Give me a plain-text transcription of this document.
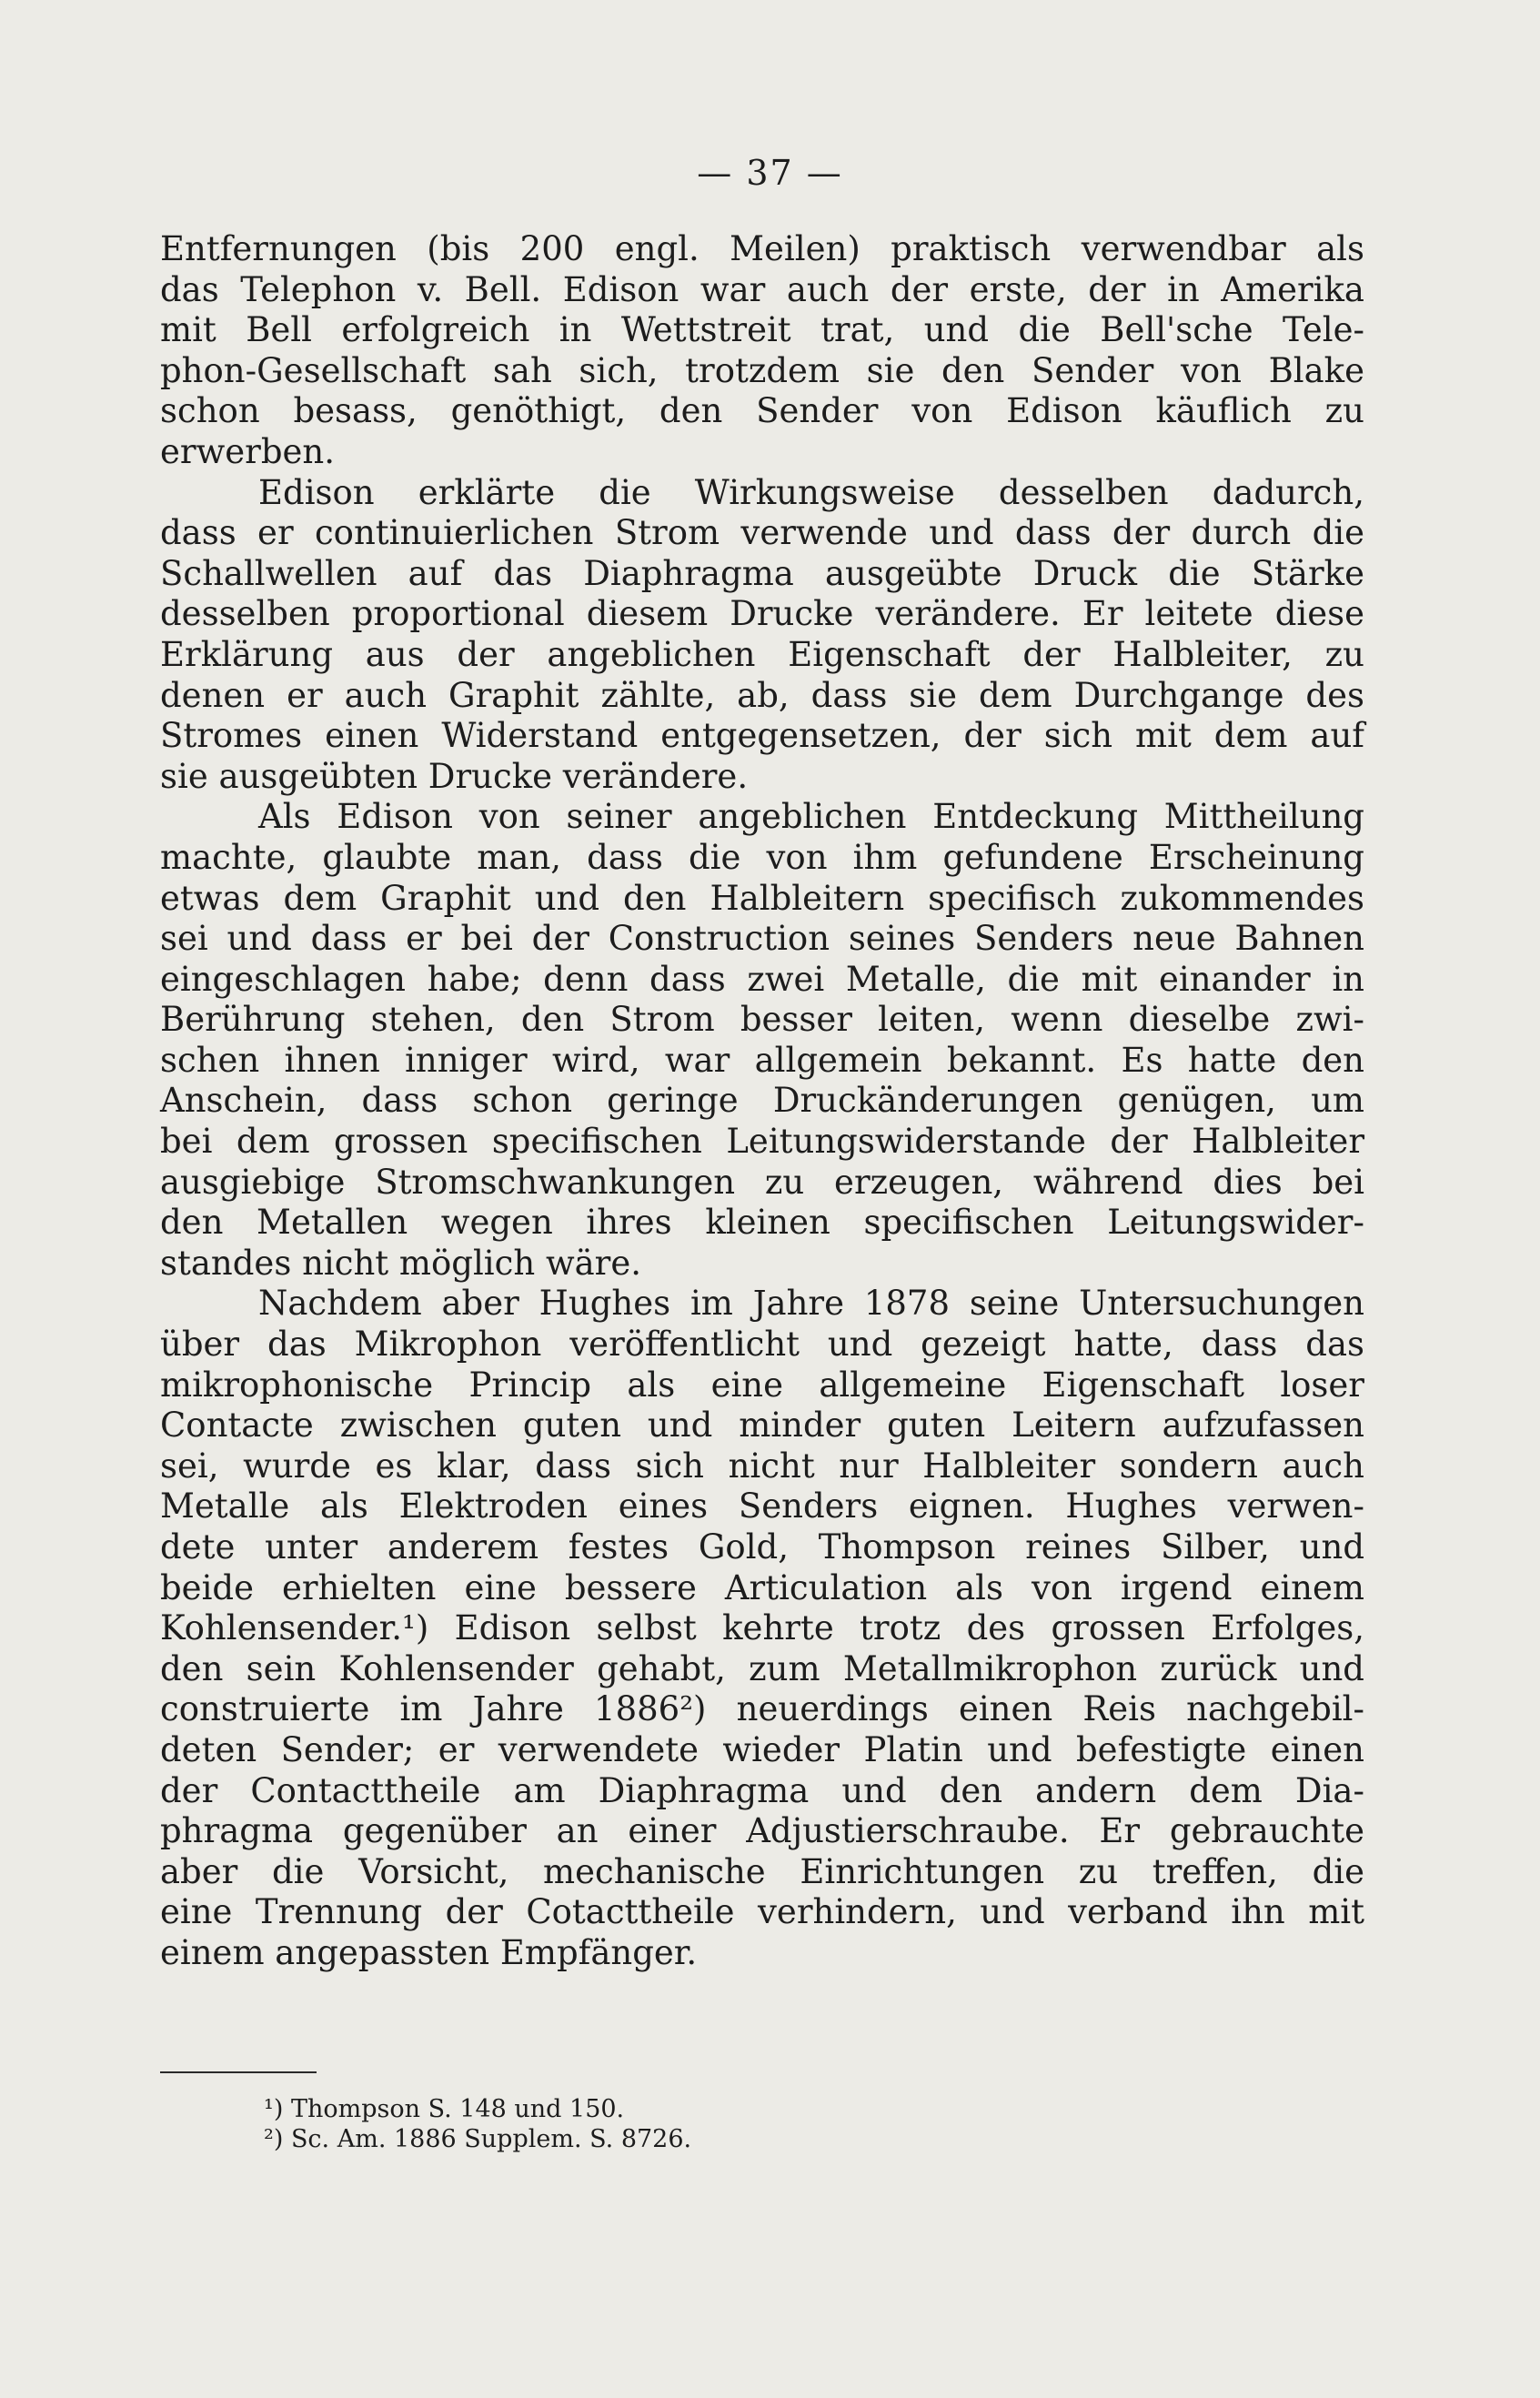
— 37 —
Entfernungen (bis 200 engl. Meilen) praktisch verwendbar als
das Telephon v. Bell. Edison war auch der erste, der in Amerika
mit Bell erfolgreich in Wettstreit trat, und die Bell'sche Tele-
phon-Gesellschaft sah sich, trotzdem sie den Sender von Blake
schon besass, genöthigt, den Sender von Edison käuflich zu
erwerben.
Edison erklärte die Wirkungsweise desselben dadurch,
dass er continuierlichen Strom verwende und dass der durch die
Schallwellen auf das Diaphragma ausgeübte Druck die Stärke
desselben proportional diesem Drucke verändere. Er leitete diese
Erklärung aus der angeblichen Eigenschaft der Halbleiter, zu
denen er auch Graphit zählte, ab, dass sie dem Durchgange des
Stromes einen Widerstand entgegensetzen, der sich mit dem auf
sie ausgeübten Drucke verändere.
Als Edison von seiner angeblichen Entdeckung Mittheilung
machte, glaubte man, dass die von ihm gefundene Erscheinung
etwas dem Graphit und den Halbleitern specifisch zukommendes
sei und dass er bei der Construction seines Senders neue Bahnen
eingeschlagen habe; denn dass zwei Metalle, die mit einander in
Berührung stehen, den Strom besser leiten, wenn dieselbe zwi-
schen ihnen inniger wird, war allgemein bekannt. Es hatte den
Anschein, dass schon geringe Druckänderungen genügen, um
bei dem grossen specifischen Leitungswiderstande der Halbleiter
ausgiebige Stromschwankungen zu erzeugen, während dies bei
den Metallen wegen ihres kleinen specifischen Leitungswider-
standes nicht möglich wäre.
Nachdem aber Hughes im Jahre 1878 seine Untersuchungen
über das Mikrophon veröffentlicht und gezeigt hatte, dass das
mikrophonische Princip als eine allgemeine Eigenschaft loser
Contacte zwischen guten und minder guten Leitern aufzufassen
sei, wurde es klar, dass sich nicht nur Halbleiter sondern auch
Metalle als Elektroden eines Senders eignen. Hughes verwen-
dete unter anderem festes Gold, Thompson reines Silber, und
beide erhielten eine bessere Articulation als von irgend einem
Kohlensender.¹) Edison selbst kehrte trotz des grossen Erfolges,
den sein Kohlensender gehabt, zum Metallmikrophon zurück und
construierte im Jahre 1886²) neuerdings einen Reis nachgebil-
deten Sender; er verwendete wieder Platin und befestigte einen
der Contacttheile am Diaphragma und den andern dem Dia-
phragma gegenüber an einer Adjustierschraube. Er gebrauchte
aber die Vorsicht, mechanische Einrichtungen zu treffen, die
eine Trennung der Cotacttheile verhindern, und verband ihn mit
einem angepassten Empfänger.
¹) Thompson S. 148 und 150.
²) Sc. Am. 1886 Supplem. S. 8726.
